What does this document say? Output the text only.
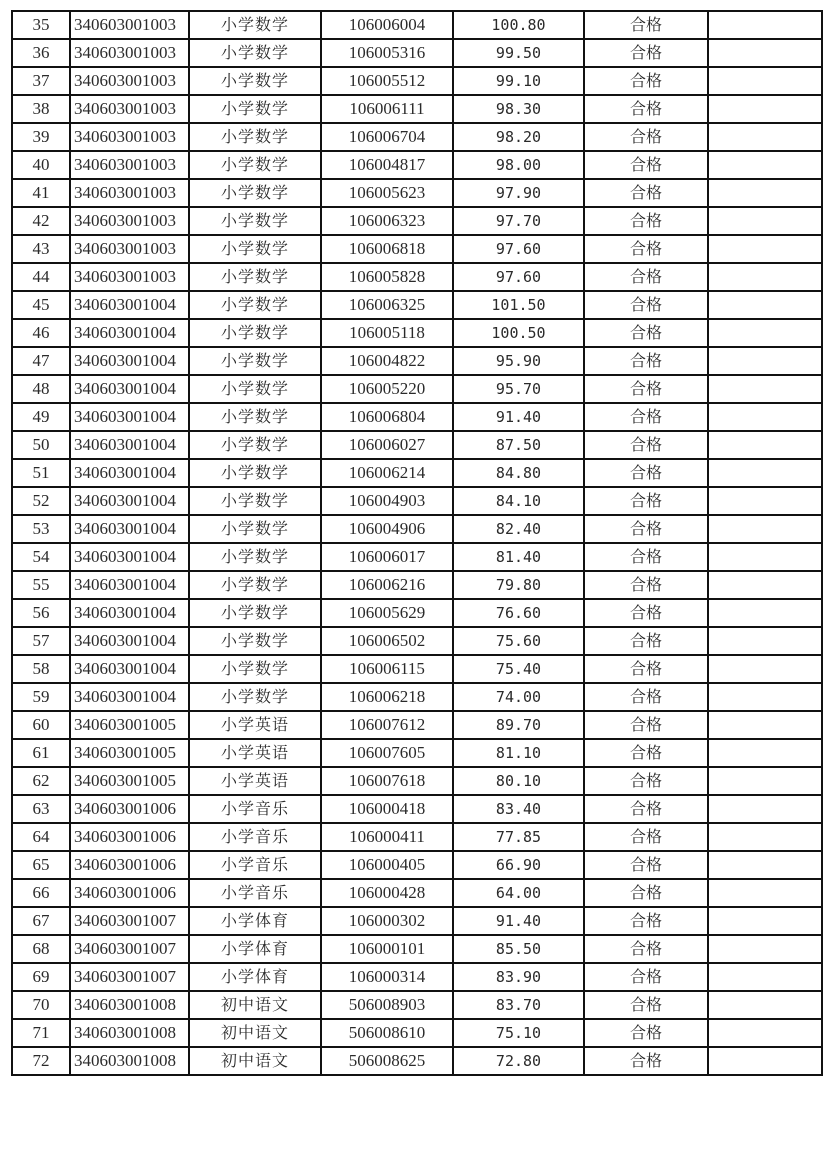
35	340603001003	小学数学	106006004	100.80	合格	
36	340603001003	小学数学	106005316	99.50	合格	
37	340603001003	小学数学	106005512	99.10	合格	
38	340603001003	小学数学	106006111	98.30	合格	
39	340603001003	小学数学	106006704	98.20	合格	
40	340603001003	小学数学	106004817	98.00	合格	
41	340603001003	小学数学	106005623	97.90	合格	
42	340603001003	小学数学	106006323	97.70	合格	
43	340603001003	小学数学	106006818	97.60	合格	
44	340603001003	小学数学	106005828	97.60	合格	
45	340603001004	小学数学	106006325	101.50	合格	
46	340603001004	小学数学	106005118	100.50	合格	
47	340603001004	小学数学	106004822	95.90	合格	
48	340603001004	小学数学	106005220	95.70	合格	
49	340603001004	小学数学	106006804	91.40	合格	
50	340603001004	小学数学	106006027	87.50	合格	
51	340603001004	小学数学	106006214	84.80	合格	
52	340603001004	小学数学	106004903	84.10	合格	
53	340603001004	小学数学	106004906	82.40	合格	
54	340603001004	小学数学	106006017	81.40	合格	
55	340603001004	小学数学	106006216	79.80	合格	
56	340603001004	小学数学	106005629	76.60	合格	
57	340603001004	小学数学	106006502	75.60	合格	
58	340603001004	小学数学	106006115	75.40	合格	
59	340603001004	小学数学	106006218	74.00	合格	
60	340603001005	小学英语	106007612	89.70	合格	
61	340603001005	小学英语	106007605	81.10	合格	
62	340603001005	小学英语	106007618	80.10	合格	
63	340603001006	小学音乐	106000418	83.40	合格	
64	340603001006	小学音乐	106000411	77.85	合格	
65	340603001006	小学音乐	106000405	66.90	合格	
66	340603001006	小学音乐	106000428	64.00	合格	
67	340603001007	小学体育	106000302	91.40	合格	
68	340603001007	小学体育	106000101	85.50	合格	
69	340603001007	小学体育	106000314	83.90	合格	
70	340603001008	初中语文	506008903	83.70	合格	
71	340603001008	初中语文	506008610	75.10	合格	
72	340603001008	初中语文	506008625	72.80	合格	
